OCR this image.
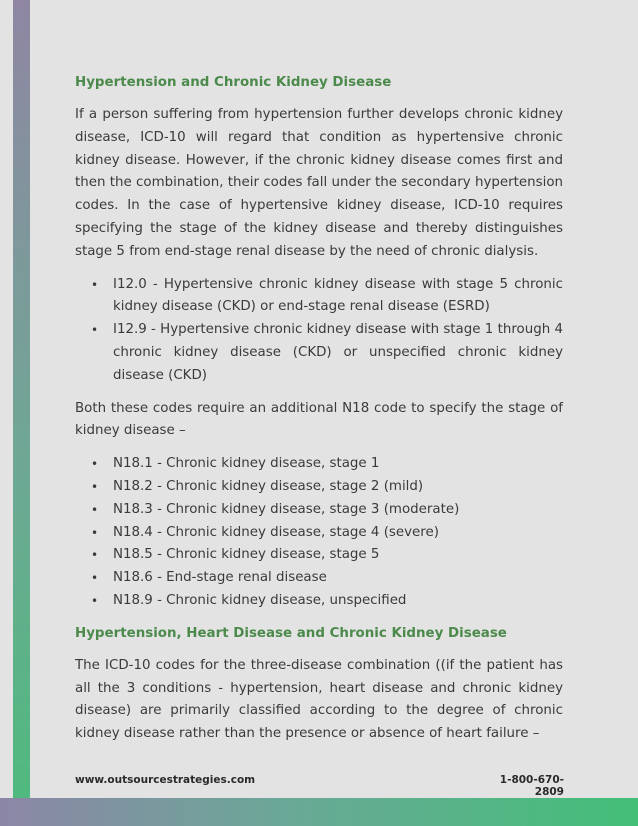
Hypertension and Chronic Kidney Disease

If a person suffering from hypertension further develops chronic kidney disease, ICD-10 will regard that condition as hypertensive chronic kidney disease. However, if the chronic kidney disease comes first and then the combination, their codes fall under the secondary hypertension codes. In the case of hypertensive kidney disease, ICD-10 requires specifying the stage of the kidney disease and thereby distinguishes stage 5 from end-stage renal disease by the need of chronic dialysis.

• I12.0 - Hypertensive chronic kidney disease with stage 5 chronic kidney disease (CKD) or end-stage renal disease (ESRD)
• I12.9 - Hypertensive chronic kidney disease with stage 1 through 4 chronic kidney disease (CKD) or unspecified chronic kidney disease (CKD)

Both these codes require an additional N18 code to specify the stage of kidney disease –

• N18.1 - Chronic kidney disease, stage 1
• N18.2 - Chronic kidney disease, stage 2 (mild)
• N18.3 - Chronic kidney disease, stage 3 (moderate)
• N18.4 - Chronic kidney disease, stage 4 (severe)
• N18.5 - Chronic kidney disease, stage 5
• N18.6 - End-stage renal disease
• N18.9 - Chronic kidney disease, unspecified
Hypertension, Heart Disease and Chronic Kidney Disease

The ICD-10 codes for the three-disease combination ((if the patient has all the 3 conditions - hypertension, heart disease and chronic kidney disease) are primarily classified according to the degree of chronic kidney disease rather than the presence or absence of heart failure –

www.outsourcestrategies.com	1-800-670-2809
